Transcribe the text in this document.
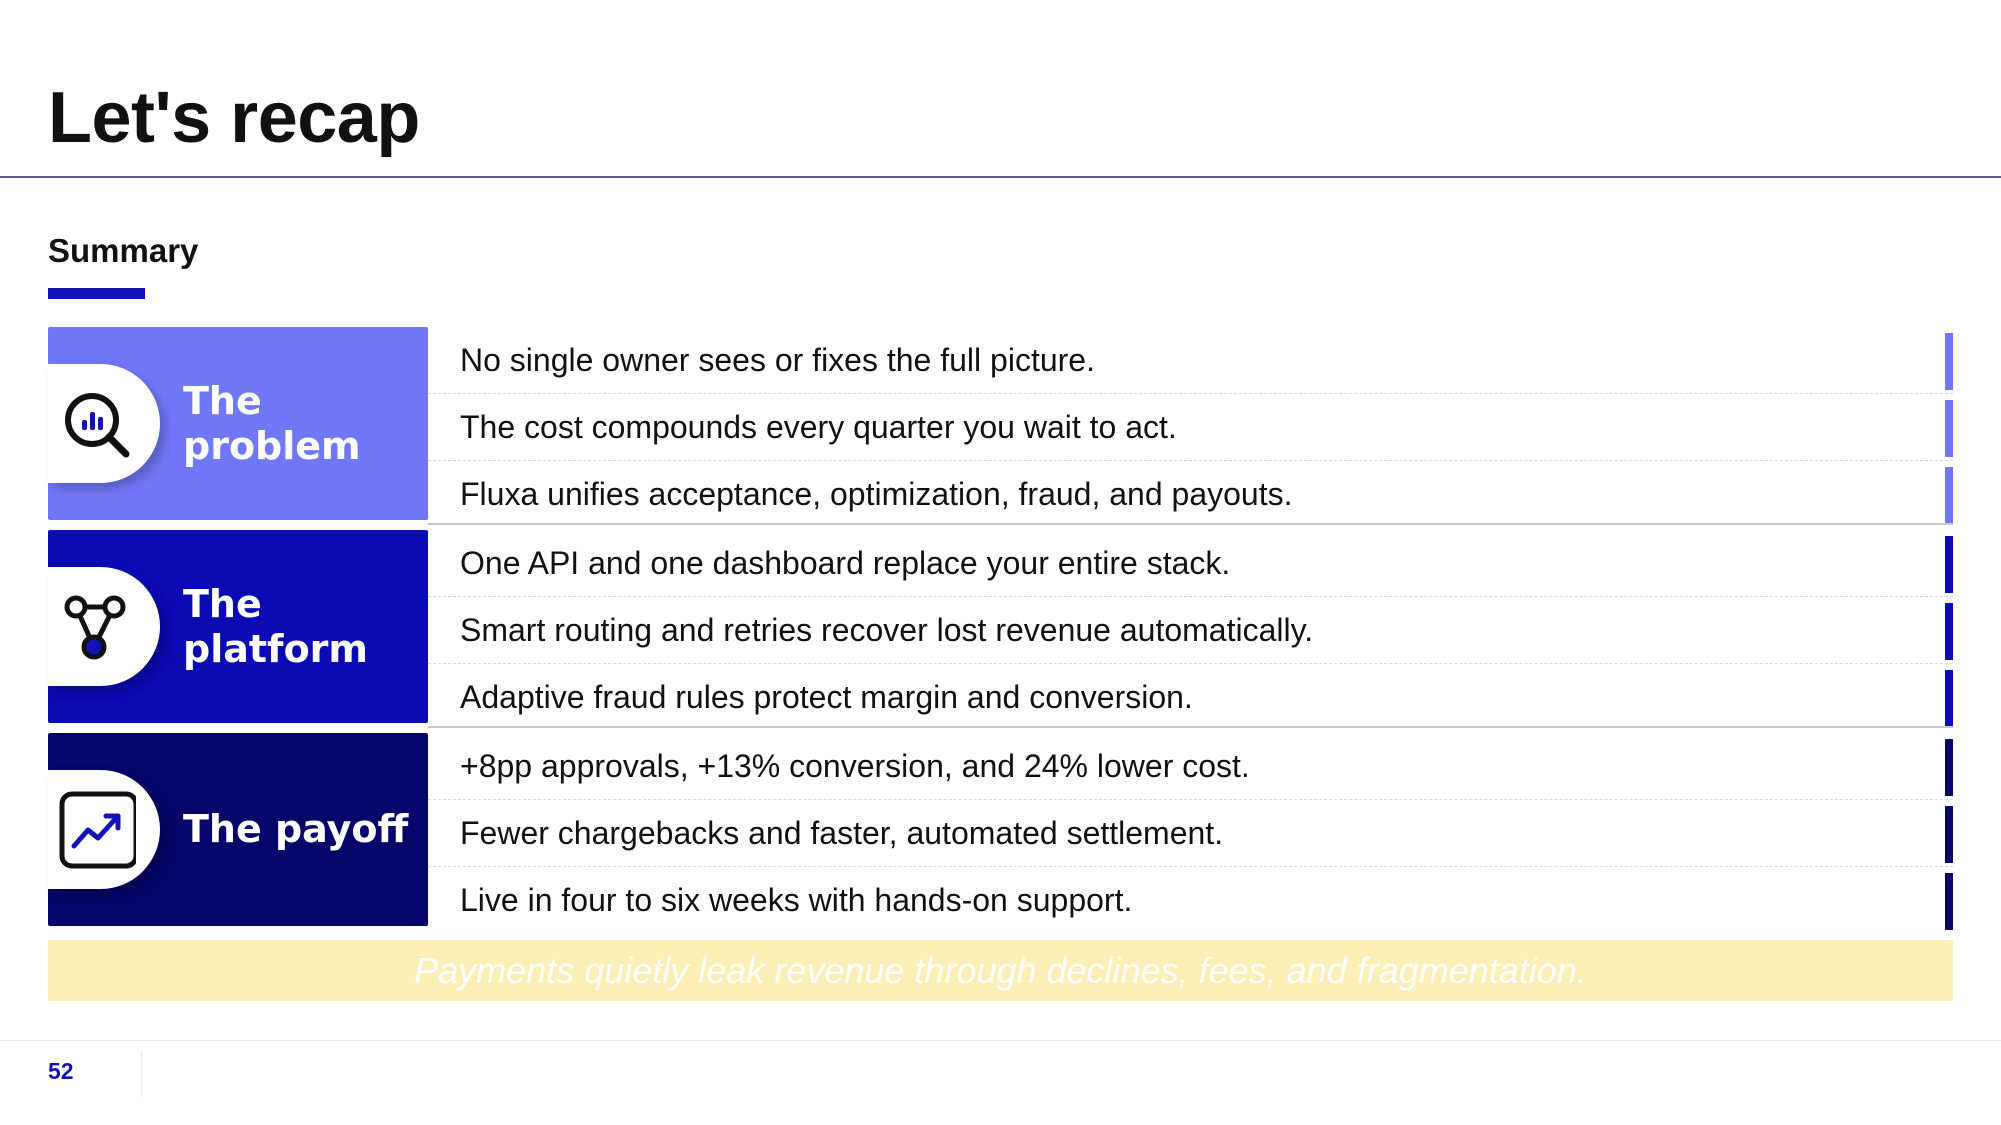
Let's recap
Summary
The problem
No single owner sees or fixes the full picture.
The cost compounds every quarter you wait to act.
Fluxa unifies acceptance, optimization, fraud, and payouts.
The platform
One API and one dashboard replace your entire stack.
Smart routing and retries recover lost revenue automatically.
Adaptive fraud rules protect margin and conversion.
The payoff
+8pp approvals, +13% conversion, and 24% lower cost.
Fewer chargebacks and faster, automated settlement.
Live in four to six weeks with hands-on support.
Payments quietly leak revenue through declines, fees, and fragmentation.
52
